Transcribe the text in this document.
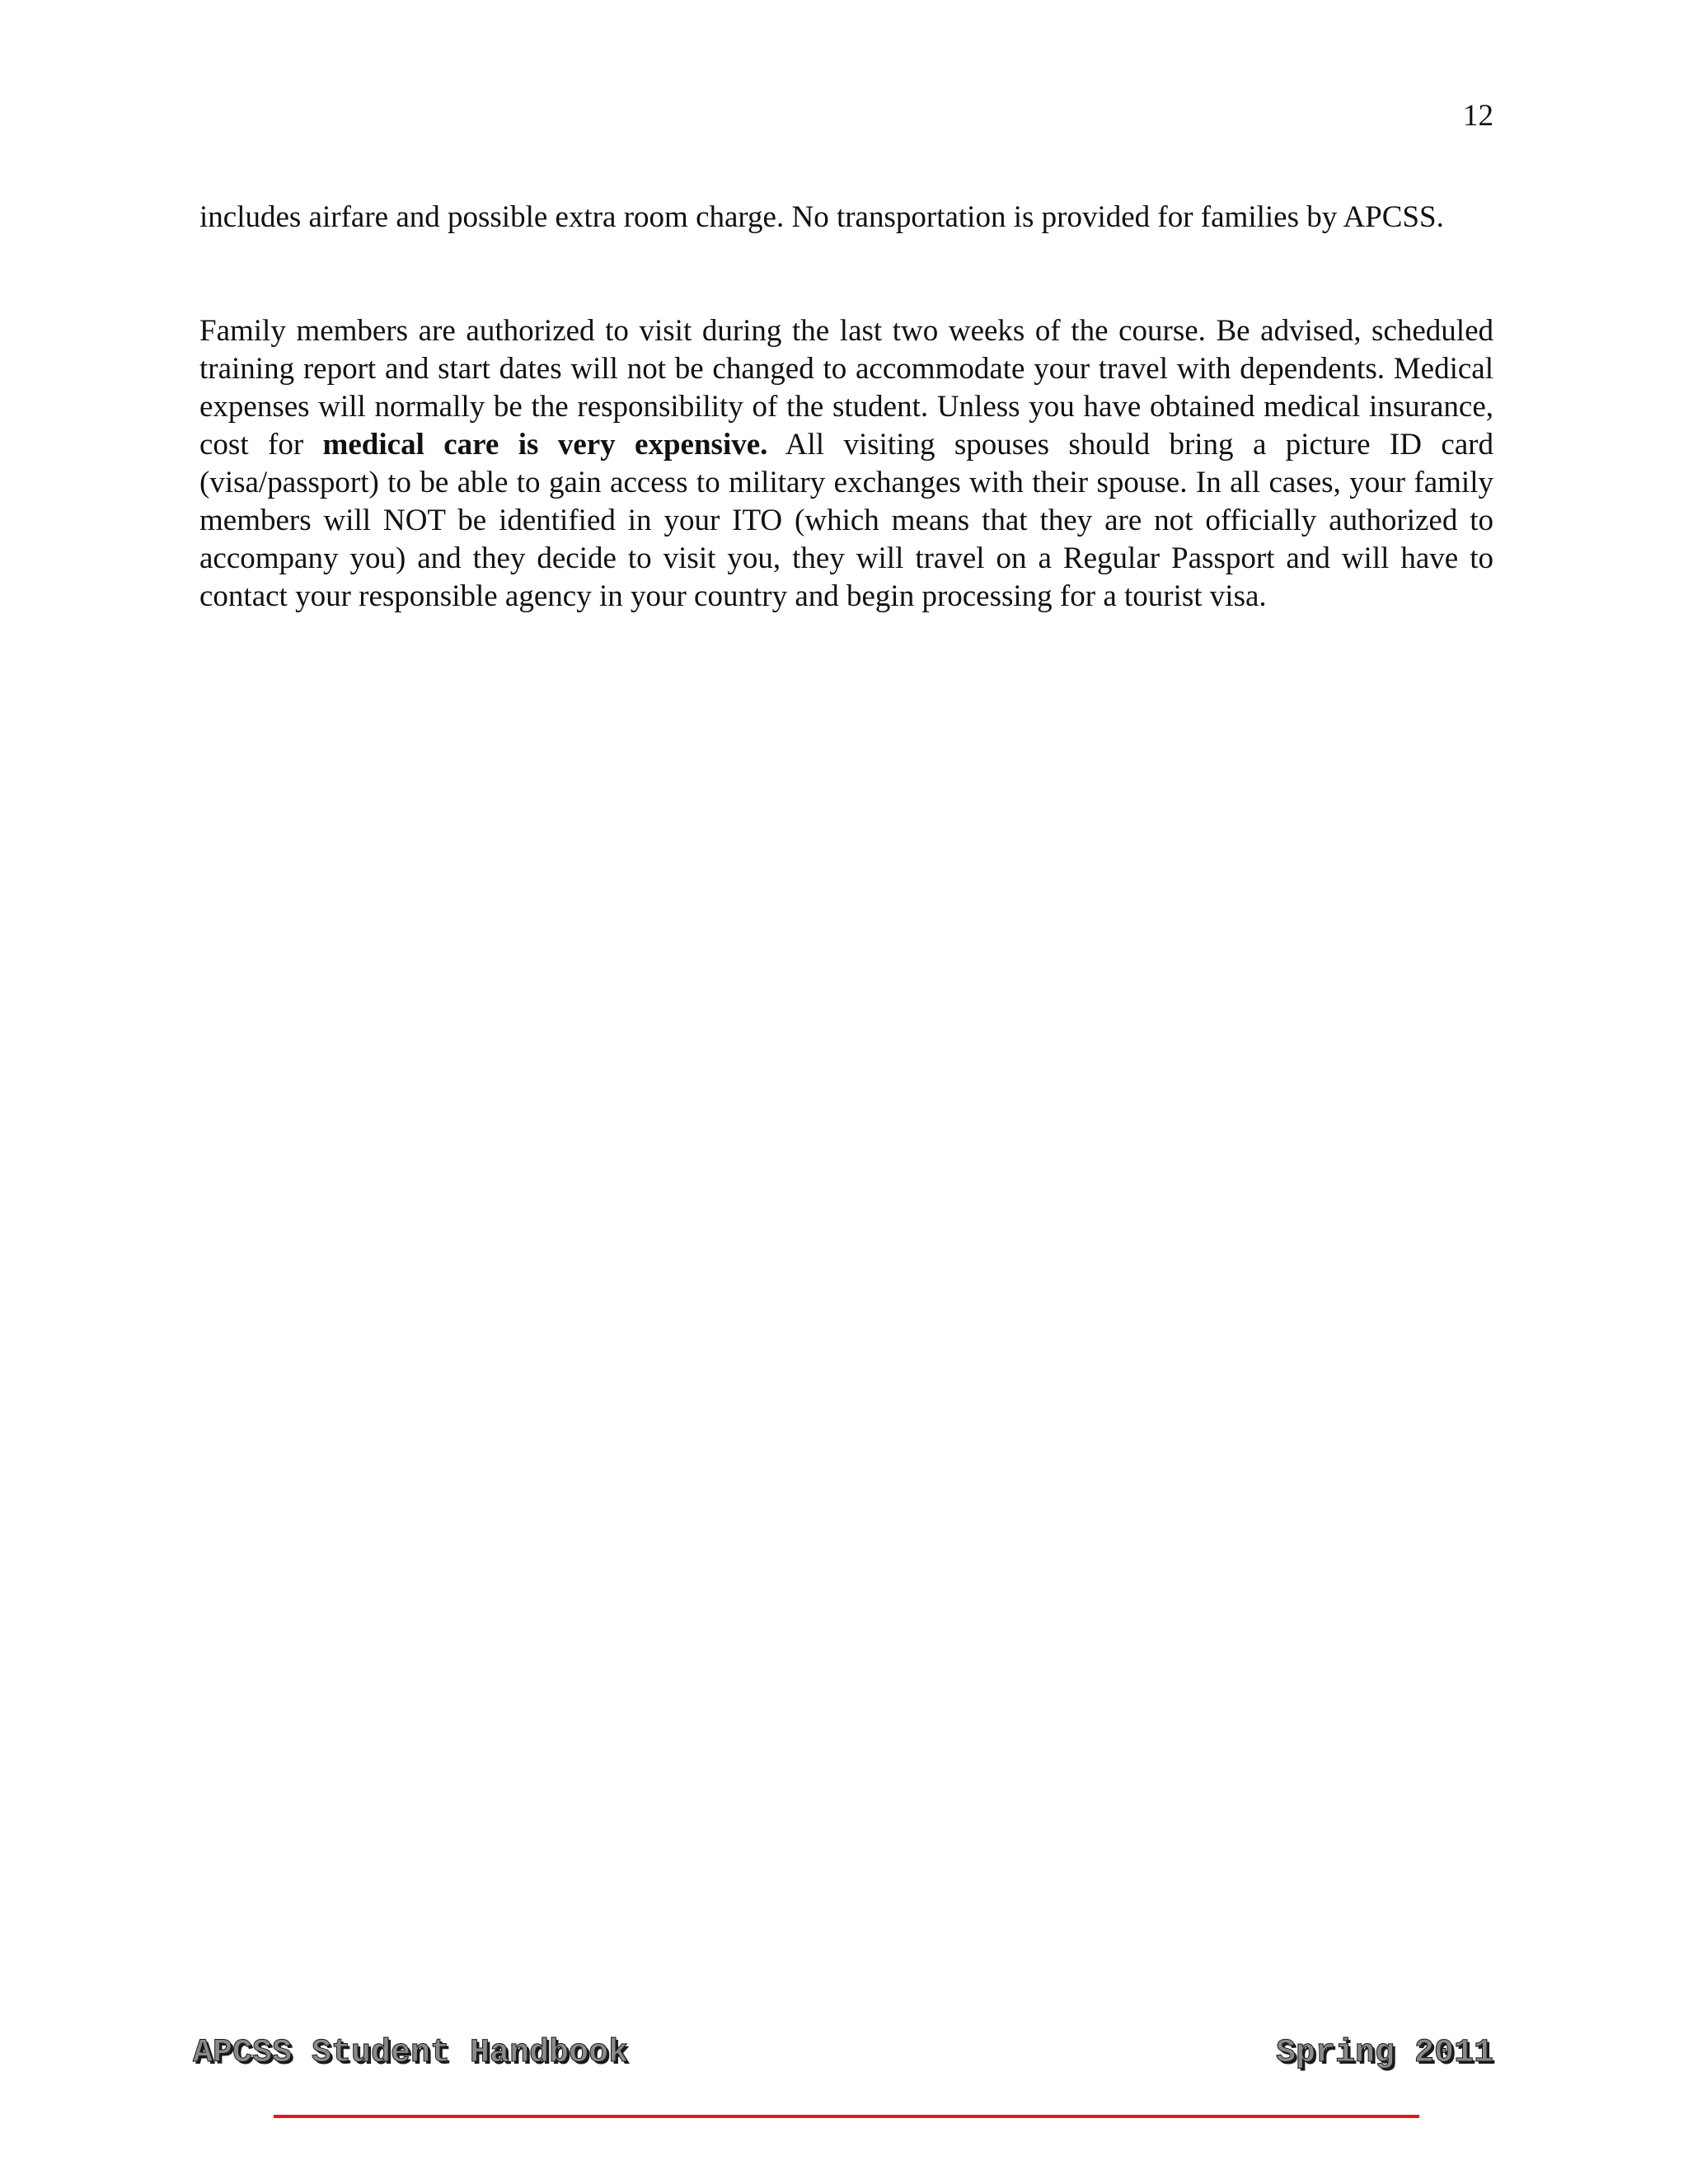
12

includes airfare and possible extra room charge. No transportation is provided for families by APCSS.

Family members are authorized to visit during the last two weeks of the course. Be advised, scheduled training report and start dates will not be changed to accommodate your travel with dependents. Medical expenses will normally be the responsibility of the student. Unless you have obtained medical insurance, cost for medical care is very expensive. All visiting spouses should bring a picture ID card (visa/passport) to be able to gain access to military exchanges with their spouse. In all cases, your family members will NOT be identified in your ITO (which means that they are not officially authorized to accompany you) and they decide to visit you, they will travel on a Regular Passport and will have to contact your responsible agency in your country and begin processing for a tourist visa.

APCSS Student Handbook	Spring 2011
